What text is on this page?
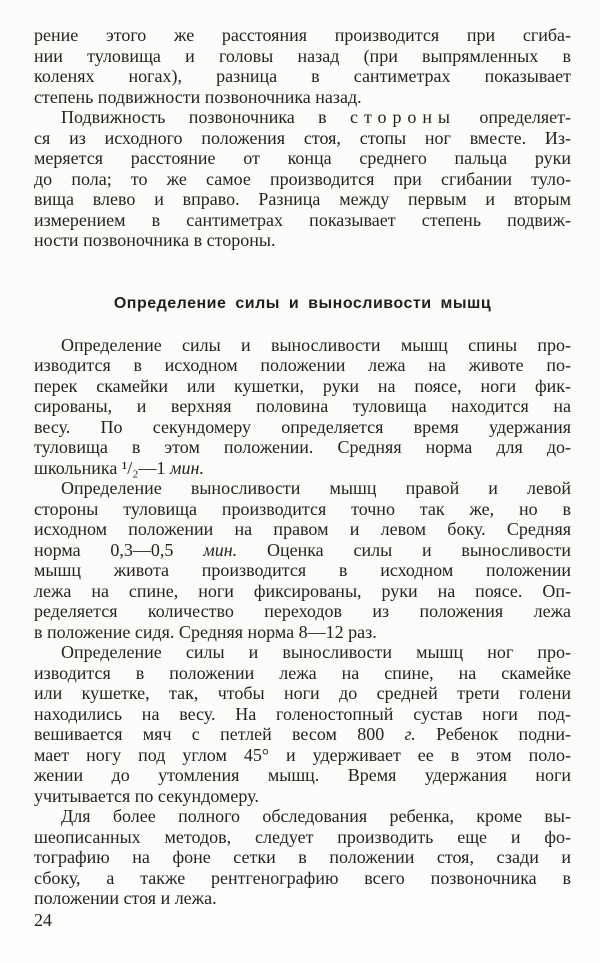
рение этого же расстояния производится при сгиба-
нии туловища и головы назад (при выпрямленных в
коленях ногах), разница в сантиметрах показывает
степень подвижности позвоночника назад.
Подвижность позвоночника в стороны определяет-
ся из исходного положения стоя, стопы ног вместе. Из-
меряется расстояние от конца среднего пальца руки
до пола; то же самое производится при сгибании туло-
вища влево и вправо. Разница между первым и вторым
измерением в сантиметрах показывает степень подвиж-
ности позвоночника в стороны.
Определение силы и выносливости мышц
Определение силы и выносливости мышц спины про-
изводится в исходном положении лежа на животе по-
перек скамейки или кушетки, руки на поясе, ноги фик-
сированы, и верхняя половина туловища находится на
весу. По секундомеру определяется время удержания
туловища в этом положении. Средняя норма для до-
школьника ¹/₂—1 мин.
Определение выносливости мышц правой и левой
стороны туловища производится точно так же, но в
исходном положении на правом и левом боку. Средняя
норма 0,3—0,5 мин. Оценка силы и выносливости
мышц живота производится в исходном положении
лежа на спине, ноги фиксированы, руки на поясе. Оп-
ределяется количество переходов из положения лежа
в положение сидя. Средняя норма 8—12 раз.
Определение силы и выносливости мышц ног про-
изводится в положении лежа на спине, на скамейке
или кушетке, так, чтобы ноги до средней трети голени
находились на весу. На голеностопный сустав ноги под-
вешивается мяч с петлей весом 800 г. Ребенок подни-
мает ногу под углом 45° и удерживает ее в этом поло-
жении до утомления мышц. Время удержания ноги
учитывается по секундомеру.
Для более полного обследования ребенка, кроме вы-
шеописанных методов, следует производить еще и фо-
тографию на фоне сетки в положении стоя, сзади и
сбоку, а также рентгенографию всего позвоночника в
положении стоя и лежа.
24
